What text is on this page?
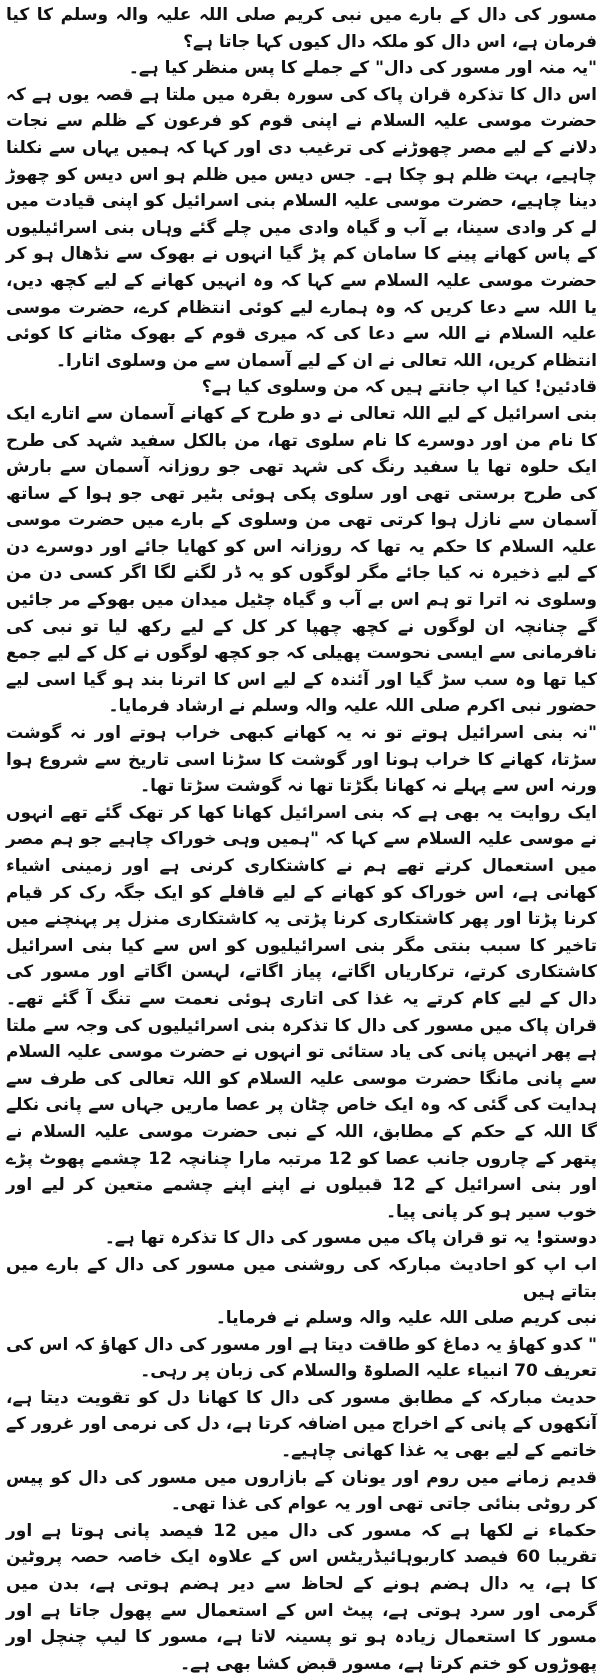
مسور کی دال کے بارے میں نبی کریم صلی اللہ علیہ والہ وسلم کا کیا فرمان ہے، اس دال کو ملکہ دال کیوں کہا جاتا ہے؟

"یہ منہ اور مسور کی دال" کے جملے کا پس منظر کیا ہے۔

اس دال کا تذکرہ قران پاک کی سورہ بقرہ میں ملتا ہے قصہ یوں ہے کہ حضرت موسی علیہ السلام نے اپنی قوم کو فرعون کے ظلم سے نجات دلانے کے لیے مصر چھوڑنے کی ترغیب دی اور کہا کہ ہمیں یہاں سے نکلنا چاہیے، بہت ظلم ہو چکا ہے۔ جس دیس میں ظلم ہو اس دیس کو چھوڑ دینا چاہیے، حضرت موسی علیہ السلام بنی اسرائیل کو اپنی قیادت میں لے کر وادی سینا، بے آب و گیاہ وادی میں چلے گئے وہاں بنی اسرائیلیوں کے پاس کھانے پینے کا سامان کم پڑ گیا انہوں نے بھوک سے نڈھال ہو کر حضرت موسی علیہ السلام سے کہا کہ وہ انہیں کھانے کے لیے کچھ دیں، یا اللہ سے دعا کریں کہ وہ ہمارے لیے کوئی انتظام کرے، حضرت موسی علیہ السلام نے اللہ سے دعا کی کہ میری قوم کے بھوک مٹانے کا کوئی انتظام کریں، اللہ تعالی نے ان کے لیے آسمان سے من وسلوی اتارا۔

قادئین! کیا اپ جانتے ہیں کہ من وسلوی کیا ہے؟

بنی اسرائیل کے لیے اللہ تعالی نے دو طرح کے کھانے آسمان سے اتارے ایک کا نام من اور دوسرے کا نام سلوی تھا، من بالکل سفید شہد کی طرح ایک حلوہ تھا یا سفید رنگ کی شہد تھی جو روزانہ آسمان سے بارش کی طرح برستی تھی اور سلوی پکی ہوئی بٹیر تھی جو ہوا کے ساتھ آسمان سے نازل ہوا کرتی تھی من وسلوی کے بارے میں حضرت موسی علیہ السلام کا حکم یہ تھا کہ روزانہ اس کو کھایا جائے اور دوسرے دن کے لیے ذخیرہ نہ کیا جائے مگر لوگوں کو یہ ڈر لگنے لگا اگر کسی دن من وسلوی نہ اترا تو ہم اس بے آب و گیاہ چٹیل میدان میں بھوکے مر جائیں گے چنانچہ ان لوگوں نے کچھ چھپا کر کل کے لیے رکھ لیا تو نبی کی نافرمانی سے ایسی نحوست پھیلی کہ جو کچھ لوگوں نے کل کے لیے جمع کیا تھا وہ سب سڑ گیا اور آئندہ کے لیے اس کا اترنا بند ہو گیا اسی لیے حضور نبی اکرم صلی اللہ علیہ والہ وسلم نے ارشاد فرمایا۔

"نہ بنی اسرائیل ہوتے تو نہ یہ کھانے کبھی خراب ہوتے اور نہ گوشت سڑتا، کھانے کا خراب ہونا اور گوشت کا سڑنا اسی تاریخ سے شروع ہوا ورنہ اس سے پہلے نہ کھانا بگڑتا تھا نہ گوشت سڑتا تھا۔

ایک روایت یہ بھی ہے کہ بنی اسرائیل کھانا کھا کر تھک گئے تھے انہوں نے موسی علیہ السلام سے کہا کہ "ہمیں وہی خوراک چاہیے جو ہم مصر میں استعمال کرتے تھے ہم نے کاشتکاری کرنی ہے اور زمینی اشیاء کھانی ہے، اس خوراک کو کھانے کے لیے قافلے کو ایک جگہ رک کر قیام کرنا پڑتا اور پھر کاشتکاری کرنا پڑتی یہ کاشتکاری منزل پر پہنچنے میں تاخیر کا سبب بنتی مگر بنی اسرائیلیوں کو اس سے کیا بنی اسرائیل کاشتکاری کرتے، ترکاریاں اگاتے، پیاز اگاتے، لہسن اگاتے اور مسور کی دال کے لیے کام کرتے یہ غذا کی اتاری ہوئی نعمت سے تنگ آ گئے تھے۔ قران پاک میں مسور کی دال کا تذکرہ بنی اسرائیلیوں کی وجہ سے ملتا ہے پھر انہیں پانی کی یاد ستائی تو انہوں نے حضرت موسی علیہ السلام سے پانی مانگا حضرت موسی علیہ السلام کو اللہ تعالی کی طرف سے ہدایت کی گئی کہ وہ ایک خاص چٹان پر عصا ماریں جہاں سے پانی نکلے گا اللہ کے حکم کے مطابق، اللہ کے نبی حضرت موسی علیہ السلام نے پتھر کے چاروں جانب عصا کو 12 مرتبہ مارا چنانچہ 12 چشمے پھوٹ پڑے اور بنی اسرائیل کے 12 قبیلوں نے اپنے اپنے چشمے متعین کر لیے اور خوب سیر ہو کر پانی پیا۔

دوستو! یہ تو قران پاک میں مسور کی دال کا تذکرہ تھا ہے۔

اب اپ کو احادیث مبارکہ کی روشنی میں مسور کی دال کے بارے میں بتاتے ہیں

نبی کریم صلی اللہ علیہ والہ وسلم نے فرمایا۔

" کدو کھاؤ یہ دماغ کو طاقت دیتا ہے اور مسور کی دال کھاؤ کہ اس کی تعریف 70 انبیاء علیہ الصلوۃ والسلام کی زبان پر رہی۔

حدیث مبارکہ کے مطابق مسور کی دال کا کھانا دل کو تقویت دیتا ہے، آنکھوں کے پانی کے اخراج میں اضافہ کرتا ہے، دل کی نرمی اور غرور کے خاتمے کے لیے بھی یہ غذا کھانی چاہیے۔

قدیم زمانے میں روم اور یونان کے بازاروں میں مسور کی دال کو پیس کر روٹی بنائی جاتی تھی اور یہ عوام کی غذا تھی۔

حکماء نے لکھا ہے کہ مسور کی دال میں 12 فیصد پانی ہوتا ہے اور تقریبا 60 فیصد کاربوہائیڈریٹس اس کے علاوہ ایک خاصہ حصہ پروٹین کا ہے، یہ دال ہضم ہونے کے لحاظ سے دیر ہضم ہوتی ہے، بدن میں گرمی اور سرد ہوتی ہے، پیٹ اس کے استعمال سے پھول جاتا ہے اور مسور کا استعمال زیادہ ہو تو پسینہ لاتا ہے، مسور کا لیپ چنچل اور پھوڑوں کو ختم کرتا ہے، مسور قبض کشا بھی ہے۔
